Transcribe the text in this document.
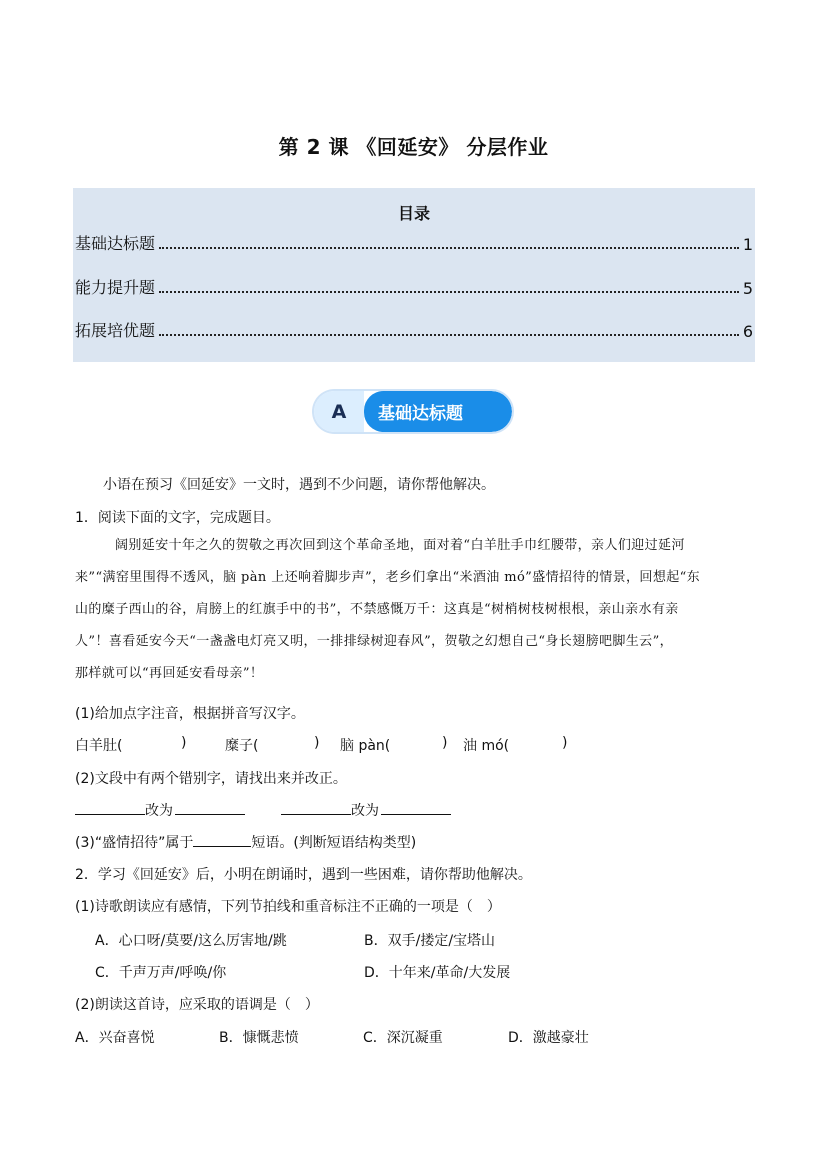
第 2 课 《回延安》 分层作业
目录
基础达标题	1
能力提升题	5
拓展培优题	6
A	基础达标题
小语在预习《回延安》一文时，遇到不少问题，请你帮他解决。
1．阅读下面的文字，完成题目。
阔别延安十年之久的贺敬之再次回到这个革命圣地，面对着“白羊肚手巾红腰带，亲人们迎过延河
来”“满窑里围得不透风，脑 pàn 上还响着脚步声”，老乡们拿出“米酒油 mó”盛情招待的情景，回想起“东
山的糜子西山的谷，肩膀上的红旗手中的书”，不禁感慨万千：这真是“树梢树枝树根根，亲山亲水有亲
人”！喜看延安今天“一盏盏电灯亮又明，一排排绿树迎春风”，贺敬之幻想自己“身长翅膀吧脚生云”，
那样就可以“再回延安看母亲”！
(1)给加点字注音，根据拼音写汉字。
白羊肚(	)	糜子(	) 脑 pàn(	) 油 mó(	)
(2)文段中有两个错别字，请找出来并改正。
改为	改为
(3)“盛情招待”属于	短语。(判断短语结构类型)
2．学习《回延安》后，小明在朗诵时，遇到一些困难，请你帮助他解决。
(1)诗歌朗读应有感情，下列节拍线和重音标注不正确的一项是（　）
A．心口呀/莫要/这么厉害地/跳	B．双手/搂定/宝塔山
C．千声万声/呼唤/你	D．十年来/革命/大发展
(2)朗读这首诗，应采取的语调是（　）
A．兴奋喜悦	B．慷慨悲愤	C．深沉凝重	D．激越豪壮
